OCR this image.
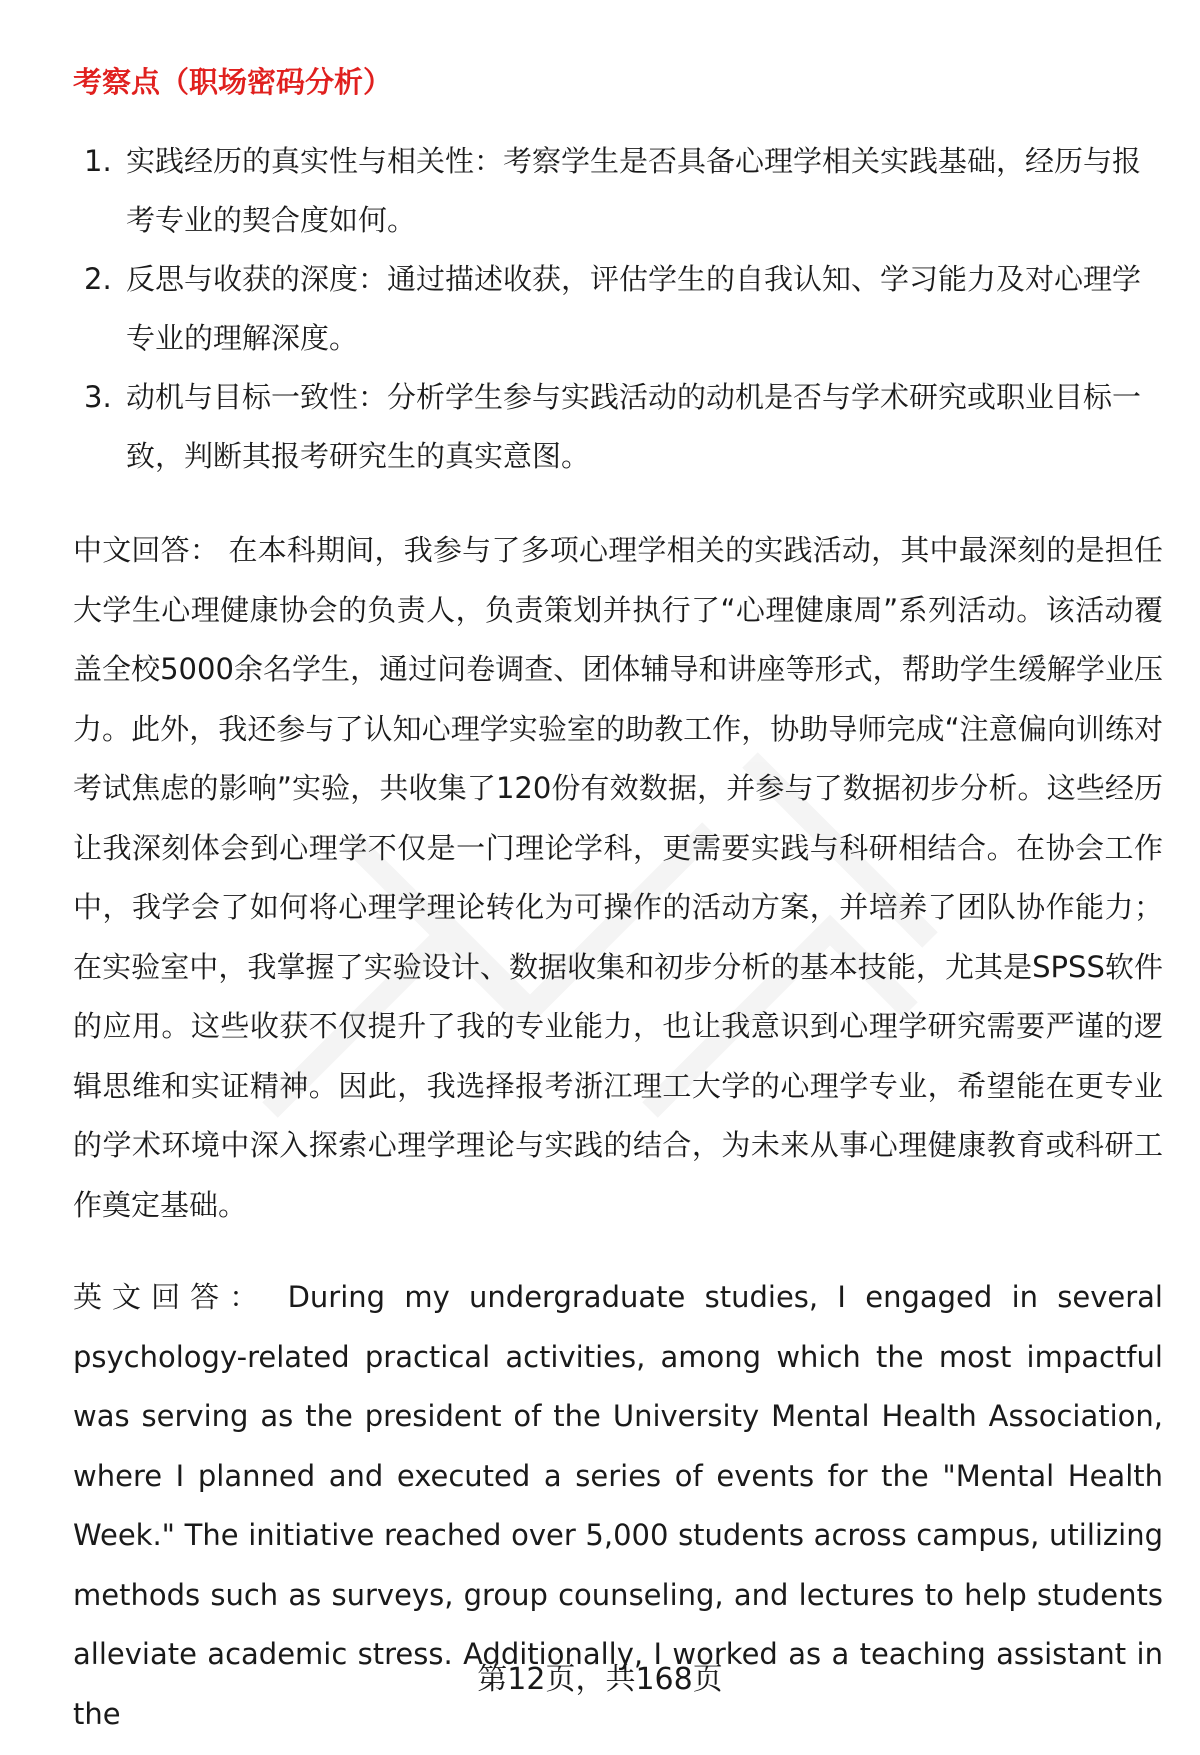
考察点（职场密码分析）
1. 实践经历的真实性与相关性：考察学生是否具备心理学相关实践基础，经历与报考专业的契合度如何。
2. 反思与收获的深度：通过描述收获，评估学生的自我认知、学习能力及对心理学专业的理解深度。
3. 动机与目标一致性：分析学生参与实践活动的动机是否与学术研究或职业目标一致，判断其报考研究生的真实意图。

中文回答： 在本科期间，我参与了多项心理学相关的实践活动，其中最深刻的是担任大学生心理健康协会的负责人，负责策划并执行了“心理健康周”系列活动。该活动覆盖全校5000余名学生，通过问卷调查、团体辅导和讲座等形式，帮助学生缓解学业压力。此外，我还参与了认知心理学实验室的助教工作，协助导师完成“注意偏向训练对考试焦虑的影响”实验，共收集了120份有效数据，并参与了数据初步分析。这些经历让我深刻体会到心理学不仅是一门理论学科，更需要实践与科研相结合。在协会工作中，我学会了如何将心理学理论转化为可操作的活动方案，并培养了团队协作能力；在实验室中，我掌握了实验设计、数据收集和初步分析的基本技能，尤其是SPSS软件的应用。这些收获不仅提升了我的专业能力，也让我意识到心理学研究需要严谨的逻辑思维和实证精神。因此，我选择报考浙江理工大学的心理学专业，希望能在更专业的学术环境中深入探索心理学理论与实践的结合，为未来从事心理健康教育或科研工作奠定基础。

英文回答： During my undergraduate studies, I engaged in several psychology-related practical activities, among which the most impactful was serving as the president of the University Mental Health Association, where I planned and executed a series of events for the "Mental Health Week." The initiative reached over 5,000 students across campus, utilizing methods such as surveys, group counseling, and lectures to help students alleviate academic stress. Additionally, I worked as a teaching assistant in the

第12页，共168页
